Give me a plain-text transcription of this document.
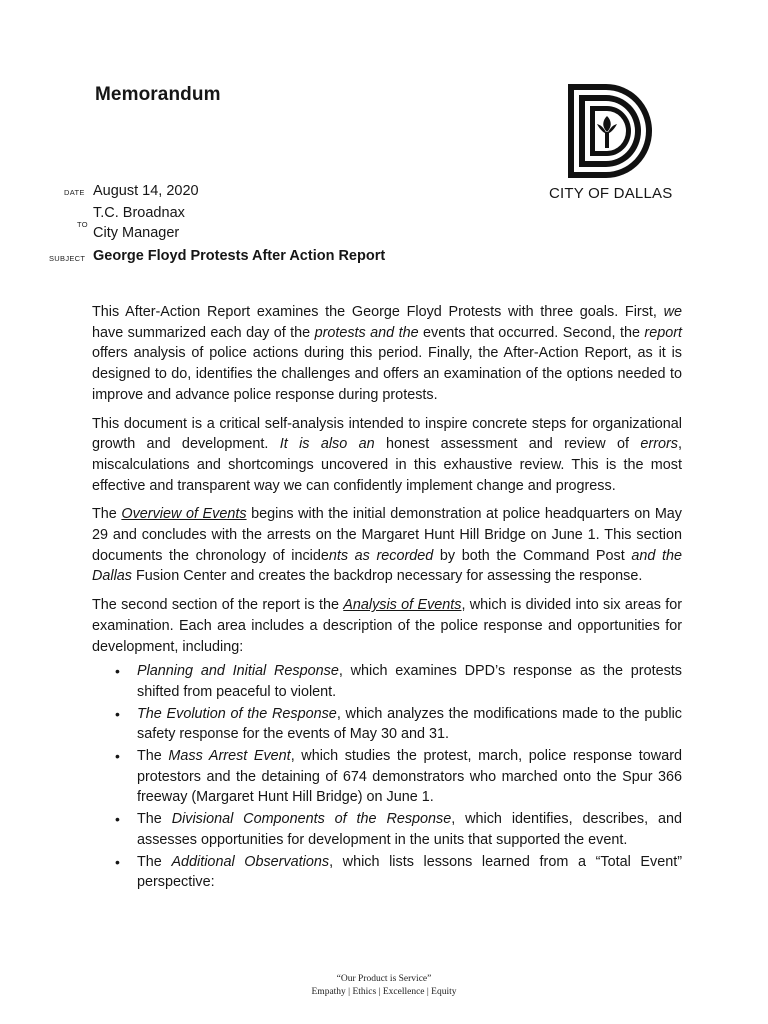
Memorandum
CITY OF DALLAS
DATE August 14, 2020
TO
T.C. Broadnax
City Manager
SUBJECT George Floyd Protests After Action Report

This After-Action Report examines the George Floyd Protests with three goals. First, we have summarized each day of the protests and the events that occurred. Second, the report offers analysis of police actions during this period. Finally, the After-Action Report, as it is designed to do, identifies the challenges and offers an examination of the options needed to improve and advance police response during protests.

This document is a critical self-analysis intended to inspire concrete steps for organizational growth and development. It is also an honest assessment and review of errors, miscalculations and shortcomings uncovered in this exhaustive review. This is the most effective and transparent way we can confidently implement change and progress.

The Overview of Events begins with the initial demonstration at police headquarters on May 29 and concludes with the arrests on the Margaret Hunt Hill Bridge on June 1. This section documents the chronology of incidents as recorded by both the Command Post and the Dallas Fusion Center and creates the backdrop necessary for assessing the response.

The second section of the report is the Analysis of Events, which is divided into six areas for examination. Each area includes a description of the police response and opportunities for development, including:

• Planning and Initial Response, which examines DPD’s response as the protests shifted from peaceful to violent.
• The Evolution of the Response, which analyzes the modifications made to the public safety response for the events of May 30 and 31.
• The Mass Arrest Event, which studies the protest, march, police response toward protestors and the detaining of 674 demonstrators who marched onto the Spur 366 freeway (Margaret Hunt Hill Bridge) on June 1.
• The Divisional Components of the Response, which identifies, describes, and assesses opportunities for development in the units that supported the event.
• The Additional Observations, which lists lessons learned from a “Total Event” perspective:
“Our Product is Service”
Empathy | Ethics | Excellence | Equity
